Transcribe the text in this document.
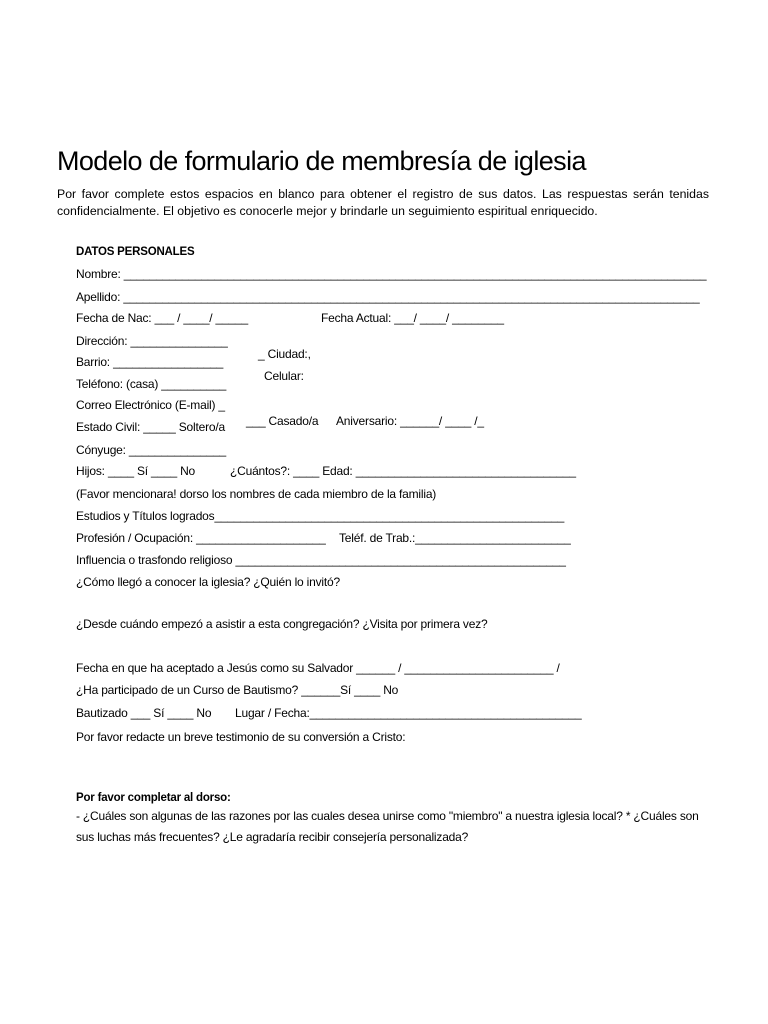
Modelo de formulario de membresía de iglesia
Por favor complete estos espacios en blanco para obtener el registro de sus datos. Las respuestas serán tenidas
confidencialmente. El objetivo es conocerle mejor y brindarle un seguimiento espiritual enriquecido.
DATOS PERSONALES
Nombre: __________________________________________________________________________________________
Apellido: _________________________________________________________________________________________
Fecha de Nac: ___ / ____/ _____	Fecha Actual: ___/ ____/ ________
Dirección: _______________
_ Ciudad:,
Barrio: _________________
Celular:
Teléfono: (casa) __________
Correo Electrónico (E-mail) _
___ Casado/a Aniversario: ______/ ____ /_
Estado Civil: _____ Soltero/a
Cónyuge: _______________
Hijos: ____ Sí ____ No	¿Cuántos?: ____ Edad: __________________________________
(Favor mencionara! dorso los nombres de cada miembro de la familia)
Estudios y Títulos logrados______________________________________________________
Profesión / Ocupación: ____________________ Teléf. de Trab.:________________________
Influencia o trasfondo religioso ___________________________________________________
¿Cómo llegó a conocer la iglesia? ¿Quién lo invitó?
¿Desde cuándo empezó a asistir a esta congregación? ¿Visita por primera vez?
Fecha en que ha aceptado a Jesús como su Salvador ______ / _______________________ /
¿Ha participado de un Curso de Bautismo? ______Sí ____ No
Bautizado ___ Sí ____ No Lugar / Fecha:__________________________________________
Por favor redacte un breve testimonio de su conversión a Cristo:
Por favor completar al dorso:
- ¿Cuáles son algunas de las razones por las cuales desea unirse como "miembro" a nuestra iglesia local? * ¿Cuáles son
sus luchas más frecuentes? ¿Le agradaría recibir consejería personalizada?
